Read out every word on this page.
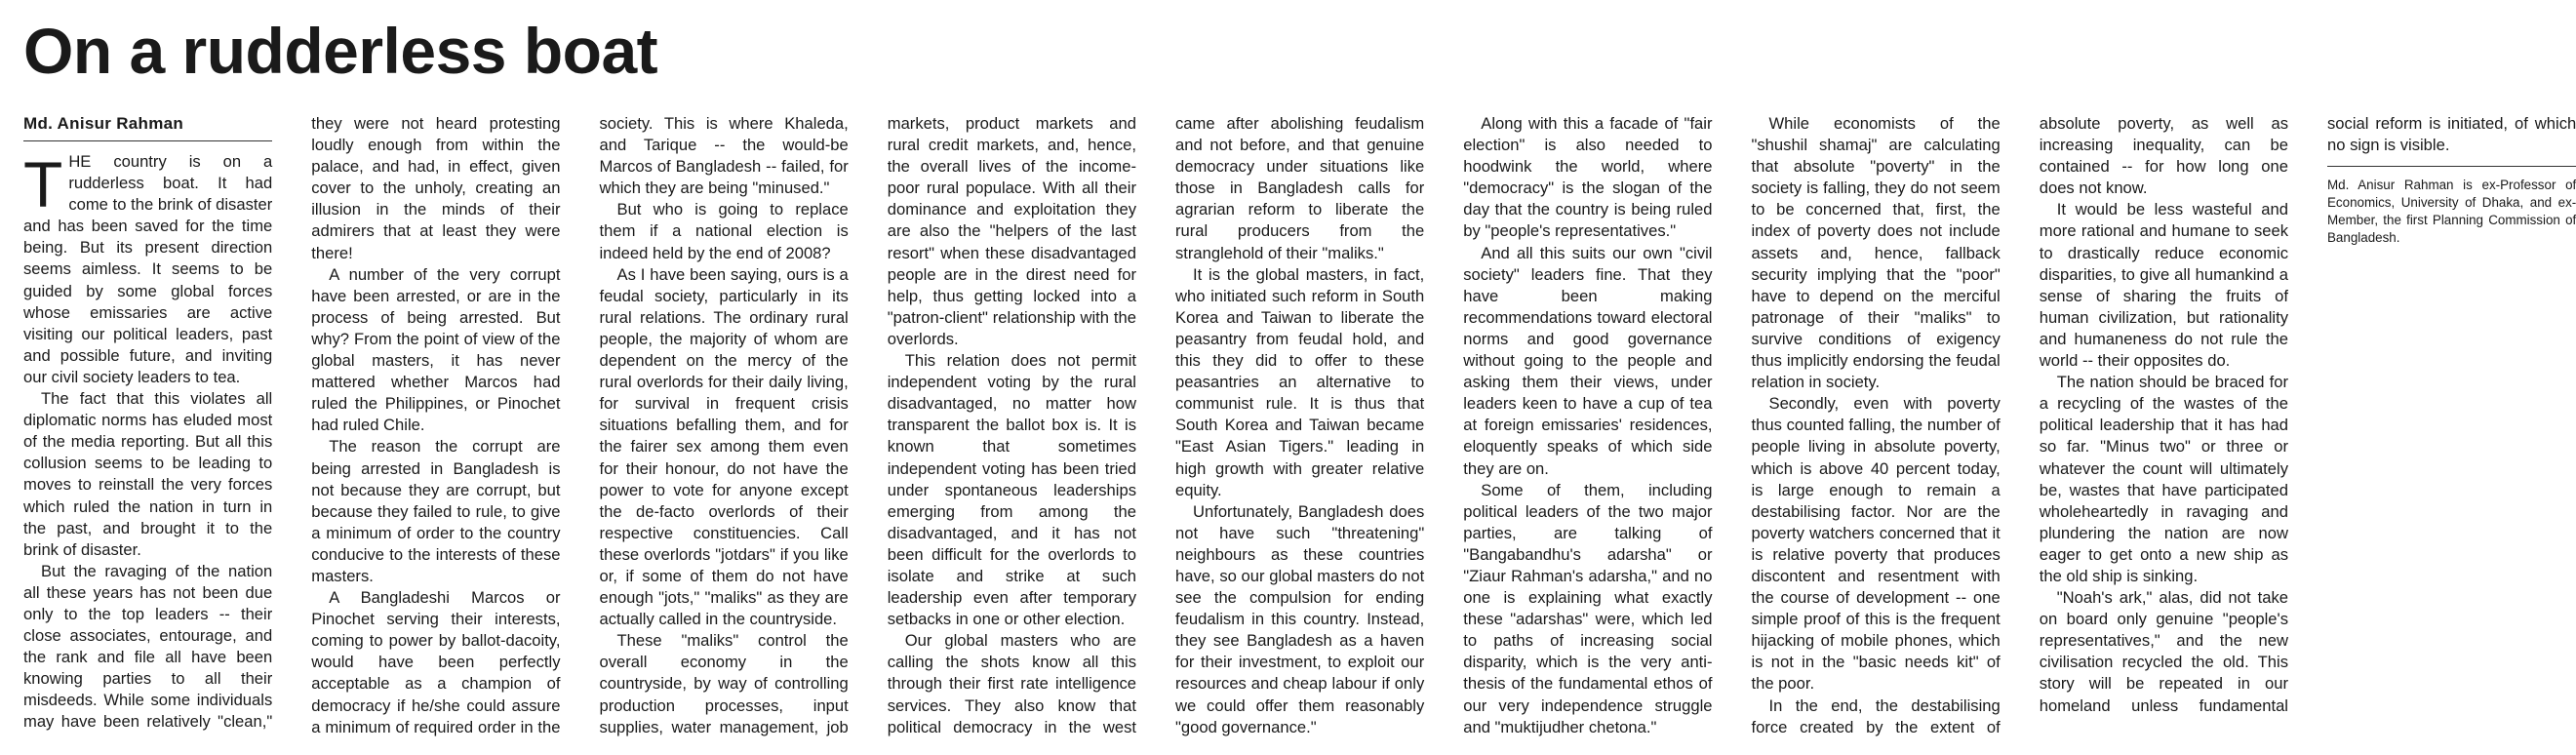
On a rudderless boat
Md. Anisur Rahman

THE country is on a rudderless boat. It had come to the brink of disaster and has been saved for the time being. But its present direction seems aimless. It seems to be guided by some global forces whose emissaries are active visiting our political leaders, past and possible future, and inviting our civil society leaders to tea.

The fact that this violates all diplomatic norms has eluded most of the media reporting. But all this collusion seems to be leading to moves to reinstall the very forces which ruled the nation in turn in the past, and brought it to the brink of disaster.

But the ravaging of the nation all these years has not been due only to the top leaders -- their close associates, entourage, and the rank and file all have been knowing parties to all their misdeeds. While some individuals may have been relatively "clean," they were not heard protesting loudly enough from within the palace, and had, in effect, given cover to the unholy, creating an illusion in the minds of their admirers that at least they were there!

A number of the very corrupt have been arrested, or are in the process of being arrested. But why? From the point of view of the global masters, it has never mattered whether Marcos had ruled the Philippines, or Pinochet had ruled Chile.

The reason the corrupt are being arrested in Bangladesh is not because they are corrupt, but because they failed to rule, to give a minimum of order to the country conducive to the interests of these masters.

A Bangladeshi Marcos or Pinochet serving their interests, coming to power by ballot-dacoity, would have been perfectly acceptable as a champion of democracy if he/she could assure a minimum of required order in the society. This is where Khaleda, and Tarique -- the would-be Marcos of Bangladesh -- failed, for which they are being "minused."

But who is going to replace them if a national election is indeed held by the end of 2008?

As I have been saying, ours is a feudal society, particularly in its rural relations. The ordinary rural people, the majority of whom are dependent on the mercy of the rural overlords for their daily living, for survival in frequent crisis situations befalling them, and for the fairer sex among them even for their honour, do not have the power to vote for anyone except the de-facto overlords of their respective constituencies. Call these overlords "jotdars" if you like or, if some of them do not have enough "jots," "maliks" as they are actually called in the countryside.

These "maliks" control the overall economy in the countryside, by way of controlling production processes, input supplies, water management, job markets, product markets and rural credit markets, and, hence, the overall lives of the income-poor rural populace. With all their dominance and exploitation they are also the "helpers of the last resort" when these disadvantaged people are in the direst need for help, thus getting locked into a "patron-client" relationship with the overlords.

This relation does not permit independent voting by the rural disadvantaged, no matter how transparent the ballot box is. It is known that sometimes independent voting has been tried under spontaneous leaderships emerging from among the disadvantaged, and it has not been difficult for the overlords to isolate and strike at such leadership even after temporary setbacks in one or other election.

Our global masters who are calling the shots know all this through their first rate intelligence services. They also know that political democracy in the west came after abolishing feudalism and not before, and that genuine democracy under situations like those in Bangladesh calls for agrarian reform to liberate the rural producers from the stranglehold of their "maliks."

It is the global masters, in fact, who initiated such reform in South Korea and Taiwan to liberate the peasantry from feudal hold, and this they did to offer to these peasantries an alternative to communist rule. It is thus that South Korea and Taiwan became "East Asian Tigers." leading in high growth with greater relative equity.

Unfortunately, Bangladesh does not have such "threatening" neighbours as these countries have, so our global masters do not see the compulsion for ending feudalism in this country. Instead, they see Bangladesh as a haven for their investment, to exploit our resources and cheap labour if only we could offer them reasonably "good governance."

Along with this a facade of "fair election" is also needed to hoodwink the world, where "democracy" is the slogan of the day that the country is being ruled by "people's representatives."

And all this suits our own "civil society" leaders fine. That they have been making recommendations toward electoral norms and good governance without going to the people and asking them their views, under leaders keen to have a cup of tea at foreign emissaries' residences, eloquently speaks of which side they are on.

Some of them, including political leaders of the two major parties, are talking of "Bangabandhu's adarsha" or "Ziaur Rahman's adarsha," and no one is explaining what exactly these "adarshas" were, which led to paths of increasing social disparity, which is the very anti-thesis of the fundamental ethos of our very independence struggle and "muktijudher chetona."

While economists of the "shushil shamaj" are calculating that absolute "poverty" in the society is falling, they do not seem to be concerned that, first, the index of poverty does not include assets and, hence, fallback security implying that the "poor" have to depend on the merciful patronage of their "maliks" to survive conditions of exigency thus implicitly endorsing the feudal relation in society.

Secondly, even with poverty thus counted falling, the number of people living in absolute poverty, which is above 40 percent today, is large enough to remain a destabilising factor. Nor are the poverty watchers concerned that it is relative poverty that produces discontent and resentment with the course of development -- one simple proof of this is the frequent hijacking of mobile phones, which is not in the "basic needs kit" of the poor.

In the end, the destabilising force created by the extent of absolute poverty, as well as increasing inequality, can be contained -- for how long one does not know.

It would be less wasteful and more rational and humane to seek to drastically reduce economic disparities, to give all humankind a sense of sharing the fruits of human civilization, but rationality and humaneness do not rule the world -- their opposites do.

The nation should be braced for a recycling of the wastes of the political leadership that it has had so far. "Minus two" or three or whatever the count will ultimately be, wastes that have participated wholeheartedly in ravaging and plundering the nation are now eager to get onto a new ship as the old ship is sinking.

"Noah's ark," alas, did not take on board only genuine "people's representatives," and the new civilisation recycled the old. This story will be repeated in our homeland unless fundamental social reform is initiated, of which no sign is visible.

Md. Anisur Rahman is ex-Professor of Economics, University of Dhaka, and ex-Member, the first Planning Commission of Bangladesh.
